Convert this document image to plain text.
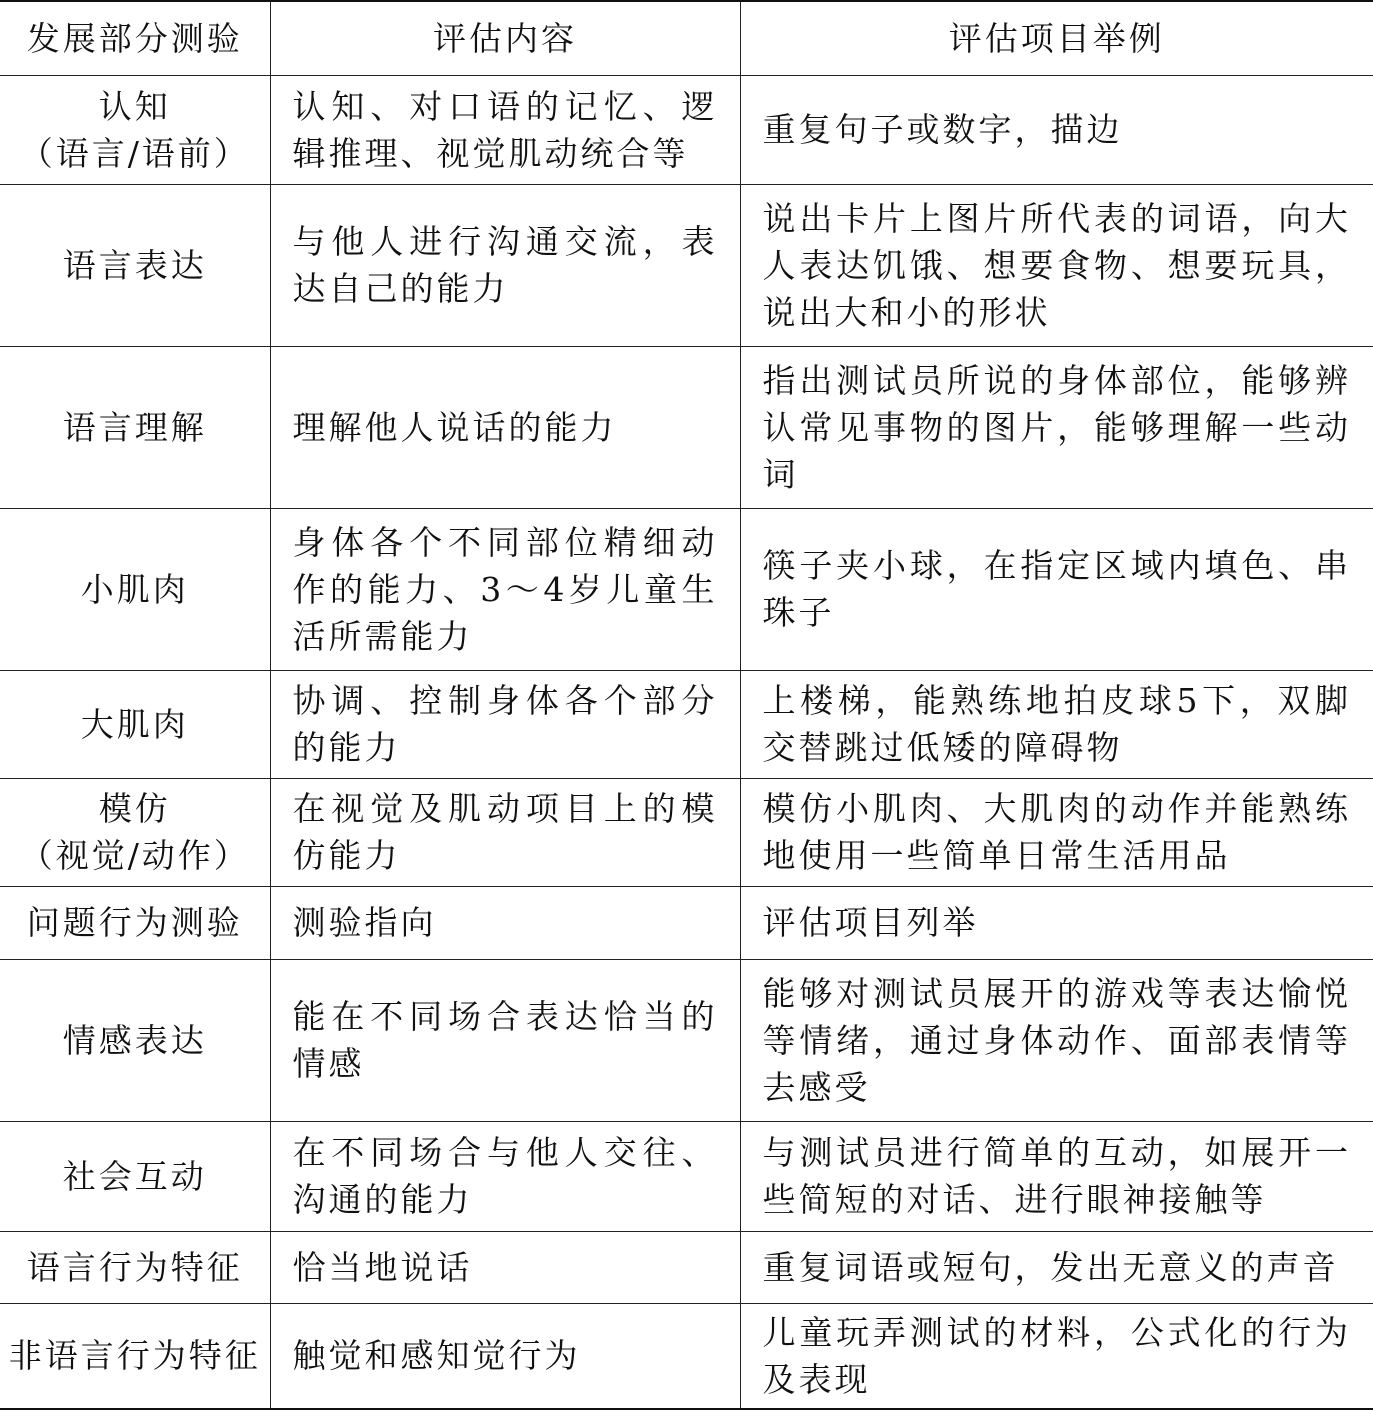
发展部分测验	评估内容	评估项目举例

认知
（语言/语前）	认知、对口语的记忆、逻辑推理、视觉肌动统合等	重复句子或数字，描边

语言表达	与他人进行沟通交流，表达自己的能力	说出卡片上图片所代表的词语，向大人表达饥饿、想要食物、想要玩具，说出大和小的形状

语言理解	理解他人说话的能力	指出测试员所说的身体部位，能够辨认常见事物的图片，能够理解一些动词

小肌肉	身体各个不同部位精细动作的能力、3～4岁儿童生活所需能力	筷子夹小球，在指定区域内填色、串珠子

大肌肉	协调、控制身体各个部分的能力	上楼梯，能熟练地拍皮球5下，双脚交替跳过低矮的障碍物

模仿
（视觉/动作）	在视觉及肌动项目上的模仿能力	模仿小肌肉、大肌肉的动作并能熟练地使用一些简单日常生活用品

问题行为测验	测验指向	评估项目列举

情感表达	能在不同场合表达恰当的情感	能够对测试员展开的游戏等表达愉悦等情绪，通过身体动作、面部表情等去感受

社会互动	在不同场合与他人交往、沟通的能力	与测试员进行简单的互动，如展开一些简短的对话、进行眼神接触等

语言行为特征	恰当地说话	重复词语或短句，发出无意义的声音

非语言行为特征	触觉和感知觉行为	儿童玩弄测试的材料，公式化的行为及表现
